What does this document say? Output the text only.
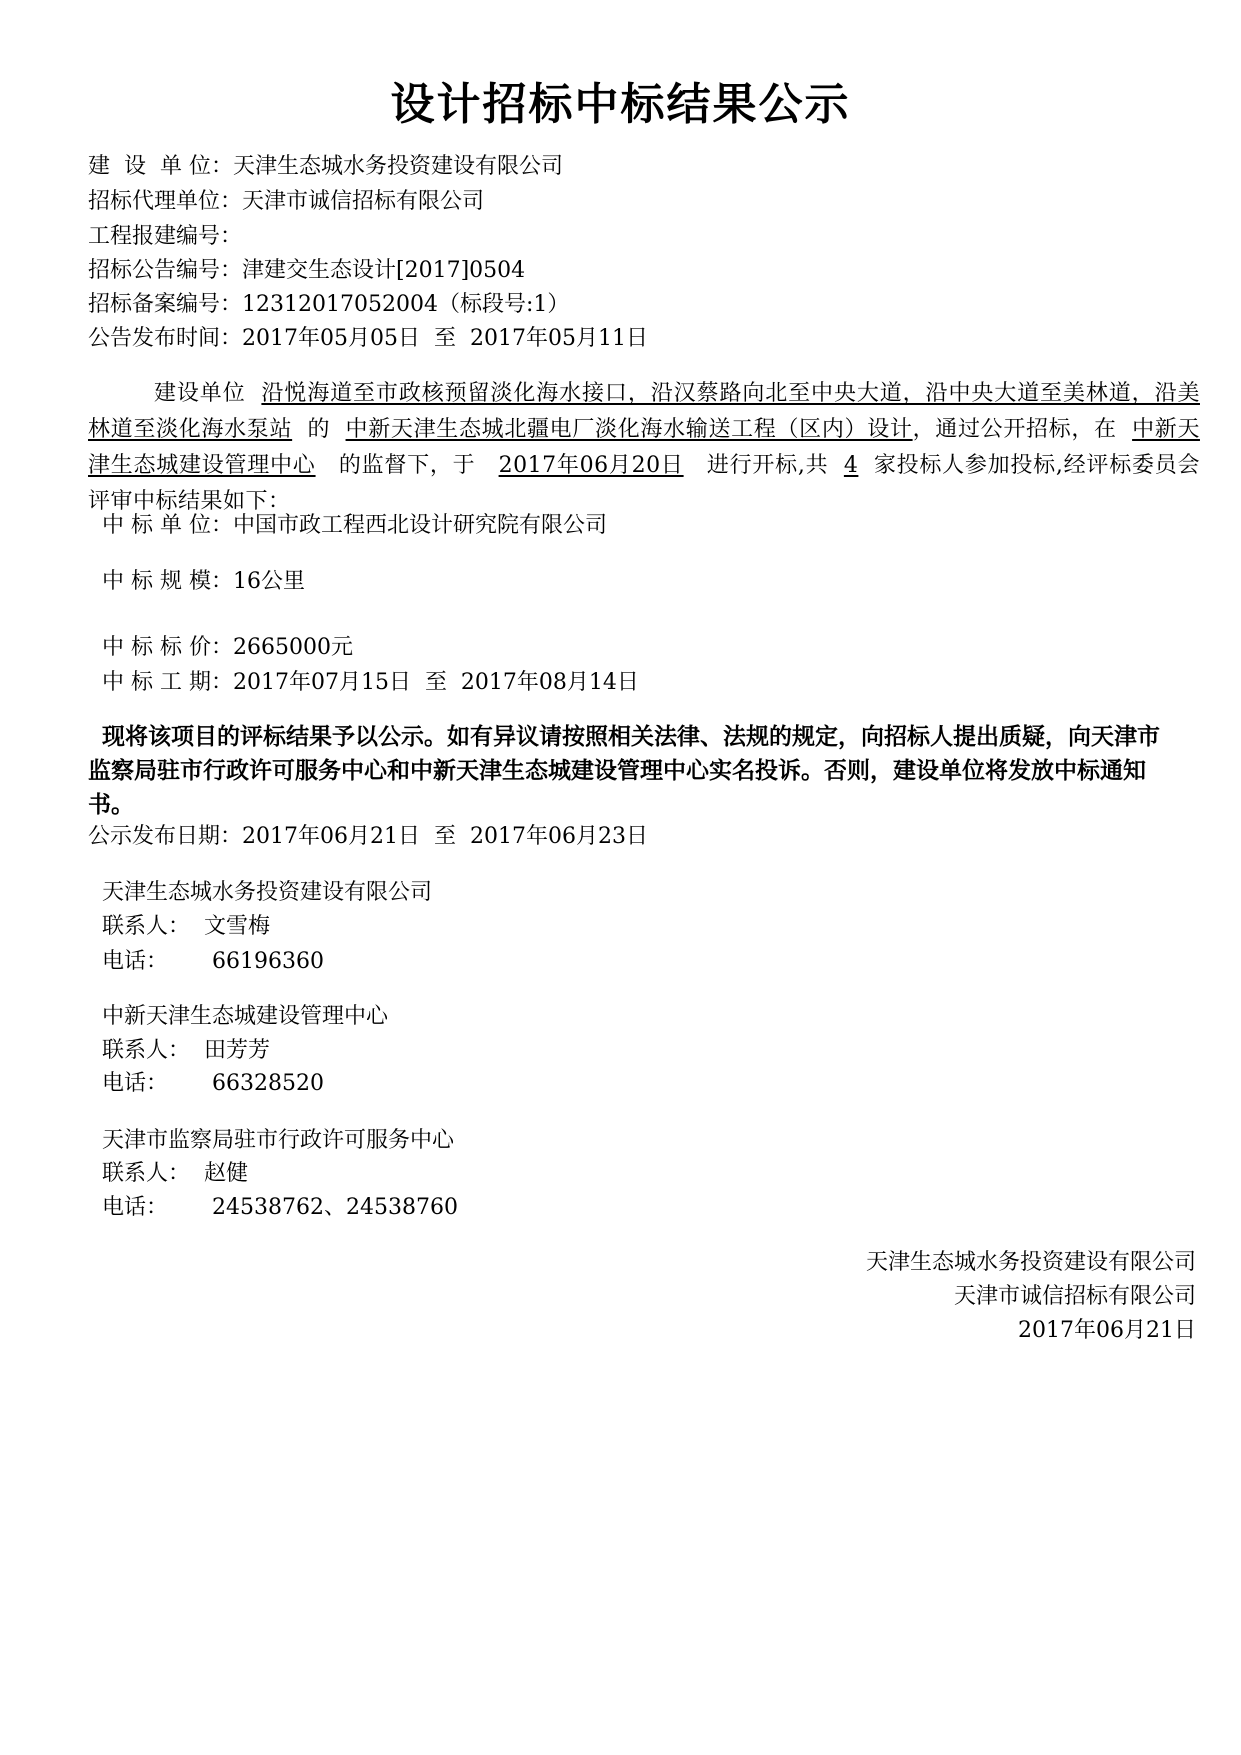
设计招标中标结果公示
建  设  单 位：天津生态城水务投资建设有限公司
招标代理单位：天津市诚信招标有限公司
工程报建编号：
招标公告编号：津建交生态设计[2017]0504
招标备案编号：12312017052004（标段号:1）
公告发布时间：2017年05月05日  至  2017年05月11日
建设单位 沿悦海道至市政核预留淡化海水接口，沿汉蔡路向北至中央大道，沿中央大道至美林道，沿美林道至淡化海水泵站 的 中新天津生态城北疆电厂淡化海水输送工程（区内）设计，通过公开招标，在 中新天津生态城建设管理中心 的监督下，于 2017年06月20日 进行开标,共 4 家投标人参加投标,经评标委员会评审中标结果如下：
中 标 单 位：中国市政工程西北设计研究院有限公司
中 标 规 模：16公里
中 标 标 价：2665000元
中 标 工 期：2017年07月15日  至  2017年08月14日
现将该项目的评标结果予以公示。如有异议请按照相关法律、法规的规定，向招标人提出质疑，向天津市监察局驻市行政许可服务中心和中新天津生态城建设管理中心实名投诉。否则，建设单位将发放中标通知书。
公示发布日期：2017年06月21日  至  2017年06月23日
天津生态城水务投资建设有限公司
联系人： 文雪梅
电话： 66196360
中新天津生态城建设管理中心
联系人： 田芳芳
电话： 66328520
天津市监察局驻市行政许可服务中心
联系人： 赵健
电话： 24538762、24538760
天津生态城水务投资建设有限公司
天津市诚信招标有限公司
2017年06月21日
